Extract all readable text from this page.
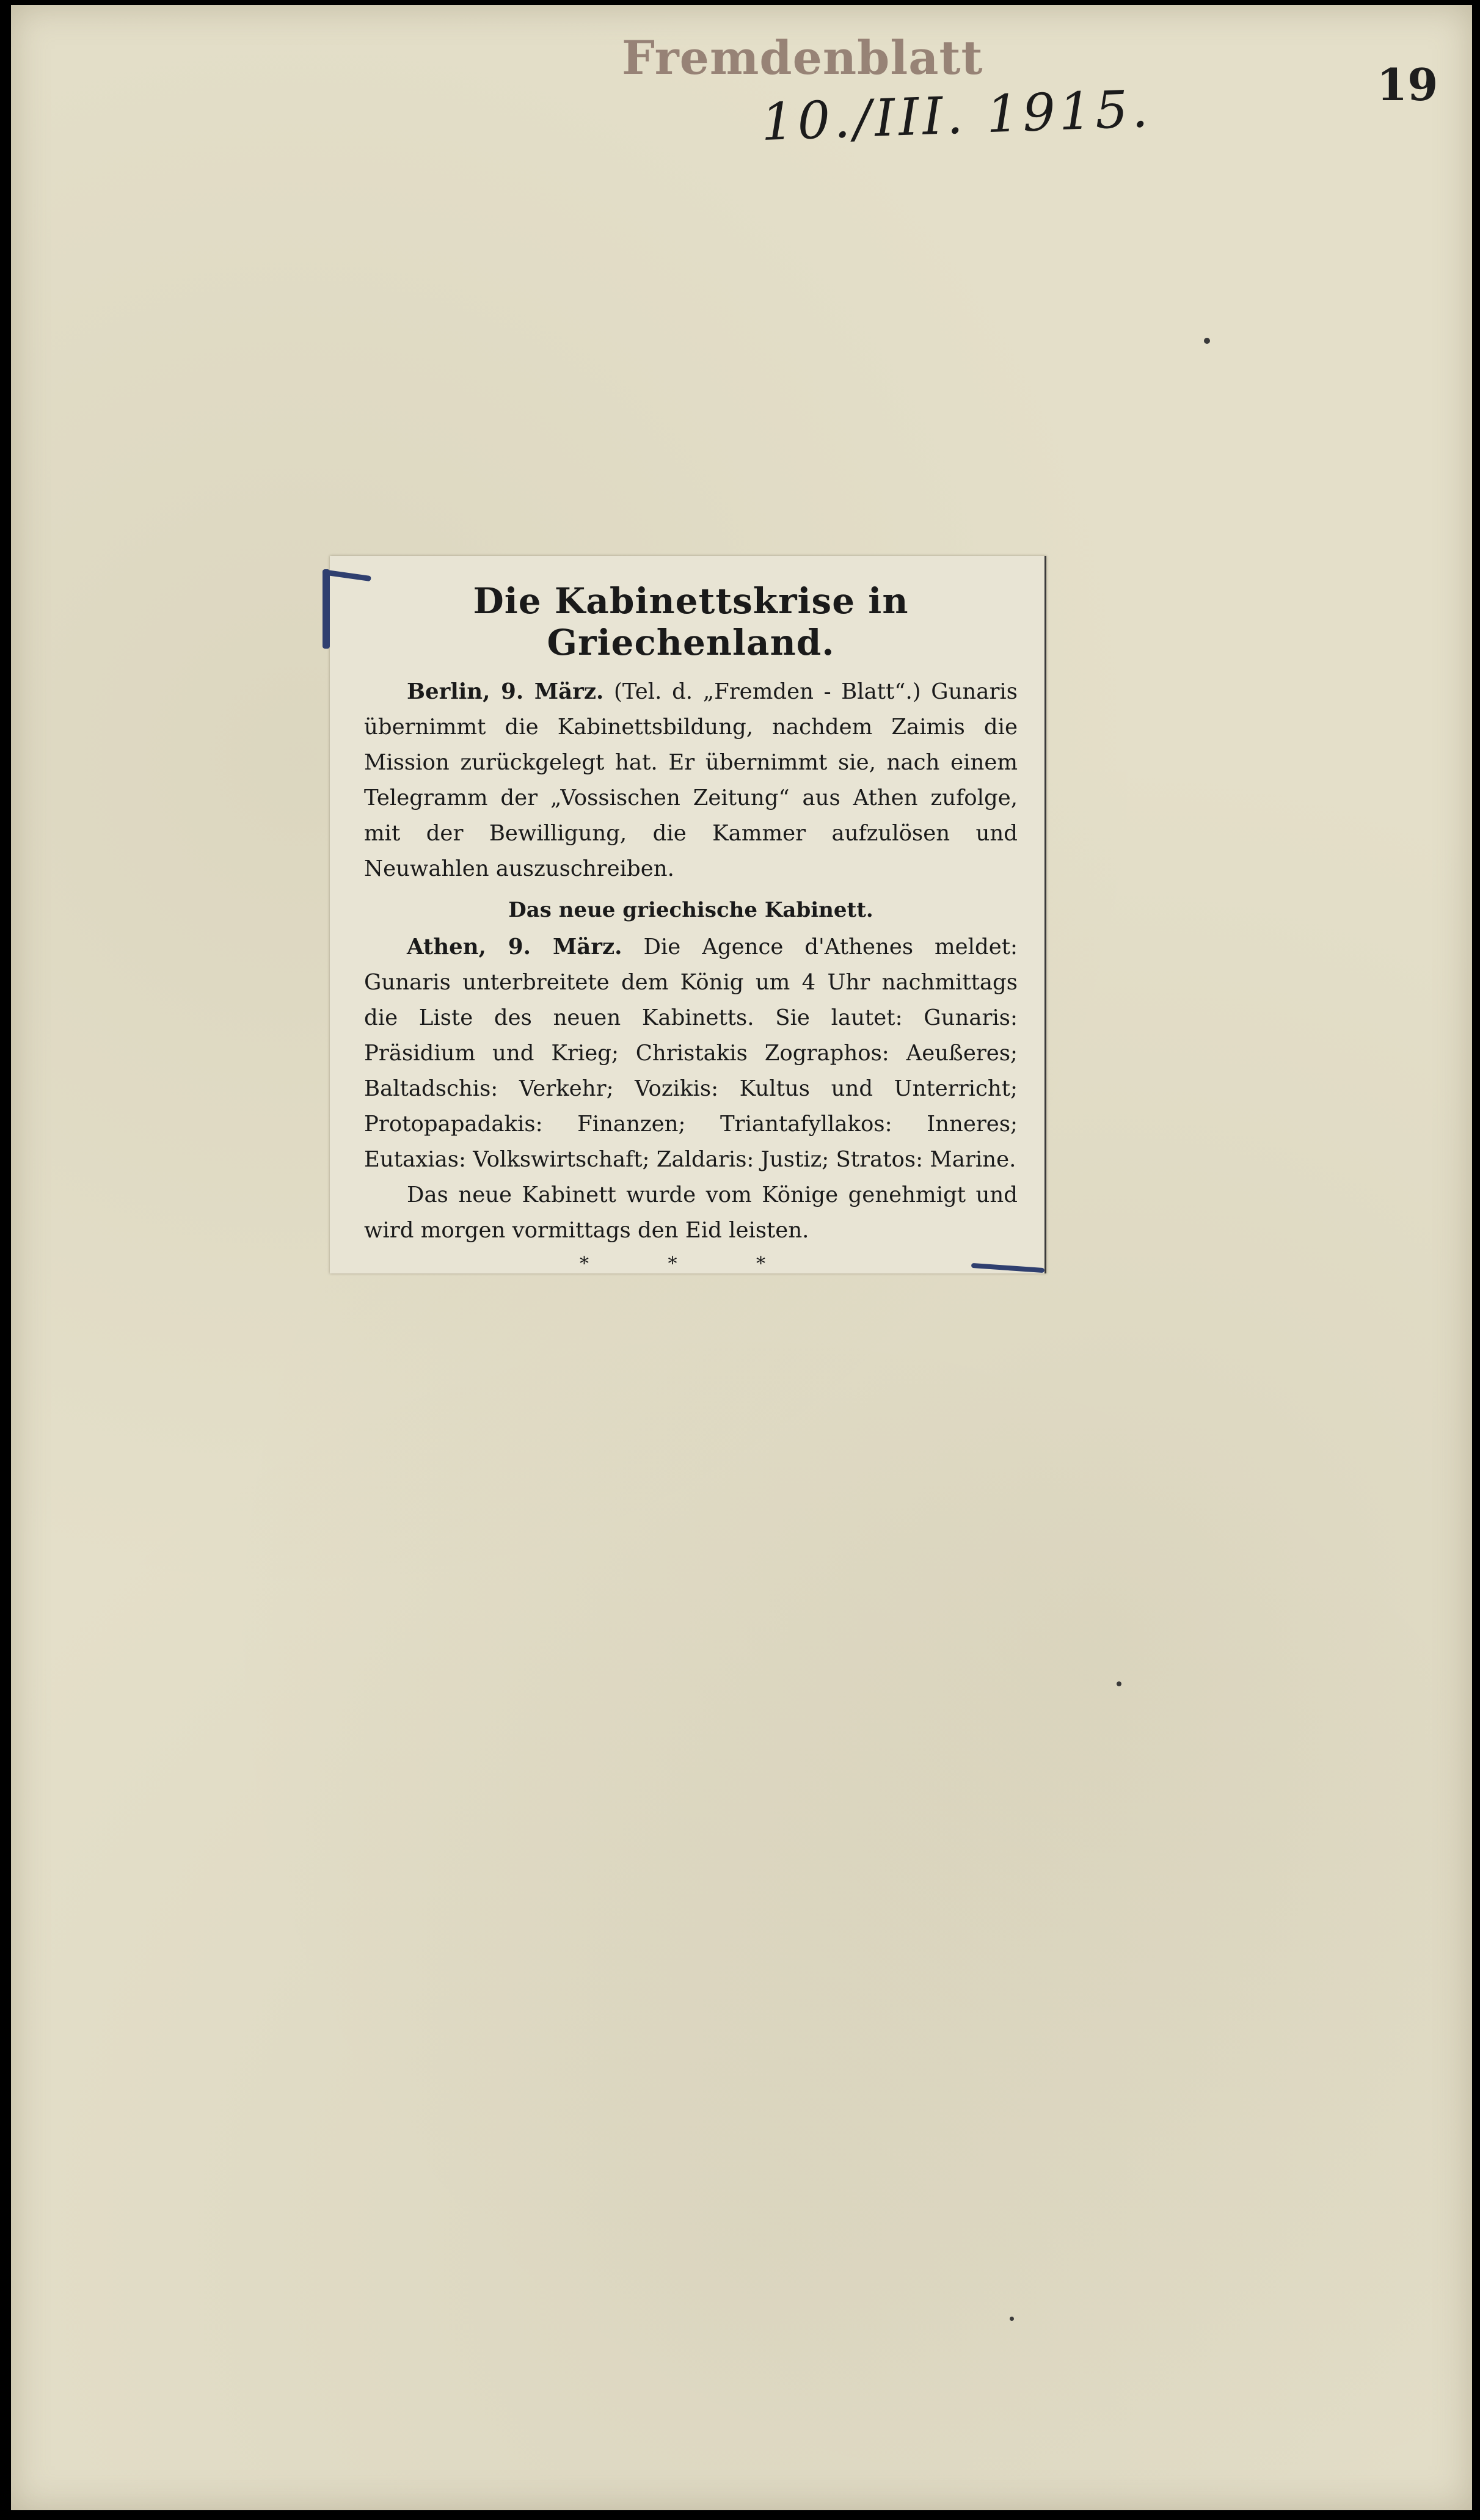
Fremdenblatt	19
10./III. 1915.
Die Kabinettskrise in Griechenland.

Berlin, 9. März. (Tel. d. „Fremden - Blatt“.) Gunaris übernimmt die Kabinettsbildung, nachdem Zaimis die Mission zurückgelegt hat. Er übernimmt sie, nach einem Telegramm der „Vossischen Zeitung“ aus Athen zufolge, mit der Bewilligung, die Kammer aufzulösen und Neuwahlen auszuschreiben.

Das neue griechische Kabinett.

Athen, 9. März. Die Agence d'Athenes meldet: Gunaris unterbreitete dem König um 4 Uhr nachmittags die Liste des neuen Kabinetts. Sie lautet: Gunaris: Präsidium und Krieg; Christakis Zographos: Aeußeres; Baltadschis: Verkehr; Vozikis: Kultus und Unterricht; Protopapadakis: Finanzen; Triantafyllakos: Inneres; Eutaxias: Volkswirtschaft; Zaldaris: Justiz; Stratos: Marine.

Das neue Kabinett wurde vom Könige genehmigt und wird morgen vormittags den Eid leisten.

* * *
